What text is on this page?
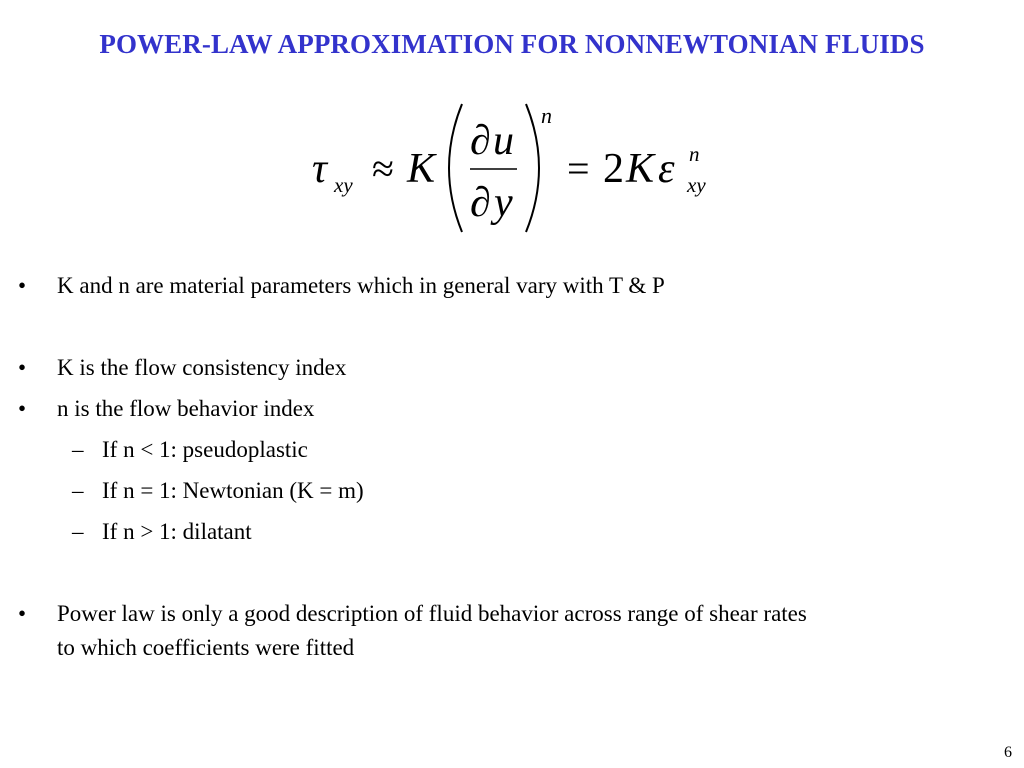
POWER-LAW APPROXIMATION FOR NONNEWTONIAN FLUIDS
τ xy ≈ K
∂ u
∂ y
n
= 2 K ε n
xy
• K and n are material parameters which in general vary with T & P
• K is the flow consistency index
• n is the flow behavior index
– If n < 1: pseudoplastic
– If n = 1: Newtonian (K = m)
– If n > 1: dilatant
• Power law is only a good description of fluid behavior across range of shear rates
to which coefficients were fitted
6
